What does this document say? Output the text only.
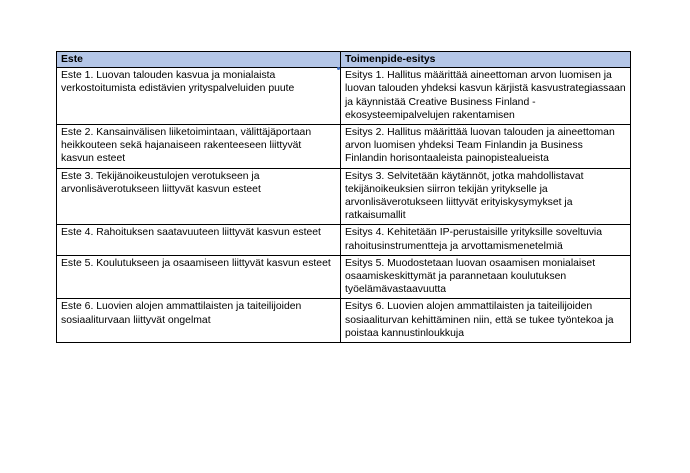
Este	Toimenpide-esitys
Este 1. Luovan talouden kasvua ja monialaista verkostoitumista edistävien yrityspalveluiden puute	Esitys 1. Hallitus määrittää aineettoman arvon luomisen ja luovan talouden yhdeksi kasvun kärjistä kasvustrategiassaan ja käynnistää Creative Business Finland -ekosysteemipalvelujen rakentamisen
Este 2. Kansainvälisen liiketoimintaan, välittäjäportaan heikkouteen sekä hajanaiseen rakenteeseen liittyvät kasvun esteet	Esitys 2. Hallitus määrittää luovan talouden ja aineettoman arvon luomisen yhdeksi Team Finlandin ja Business Finlandin horisontaaleista painopistealueista
Este 3. Tekijänoikeustulojen verotukseen ja arvonlisäverotukseen liittyvät kasvun esteet	Esitys 3. Selvitetään käytännöt, jotka mahdollistavat tekijänoikeuksien siirron tekijän yritykselle ja arvonlisäverotukseen liittyvät erityiskysymykset ja ratkaisumallit
Este 4. Rahoituksen saatavuuteen liittyvät kasvun esteet	Esitys 4. Kehitetään IP-perustaisille yrityksille soveltuvia rahoitusinstrumentteja ja arvottamismenetelmiä
Este 5. Koulutukseen ja osaamiseen liittyvät kasvun esteet	Esitys 5. Muodostetaan luovan osaamisen monialaiset osaamiskeskittymät ja parannetaan koulutuksen työelämävastaavuutta
Este 6. Luovien alojen ammattilaisten ja taiteilijoiden sosiaaliturvaan liittyvät ongelmat	Esitys 6. Luovien alojen ammattilaisten ja taiteilijoiden sosiaaliturvan kehittäminen niin, että se tukee työntekoa ja poistaa kannustinloukkuja
